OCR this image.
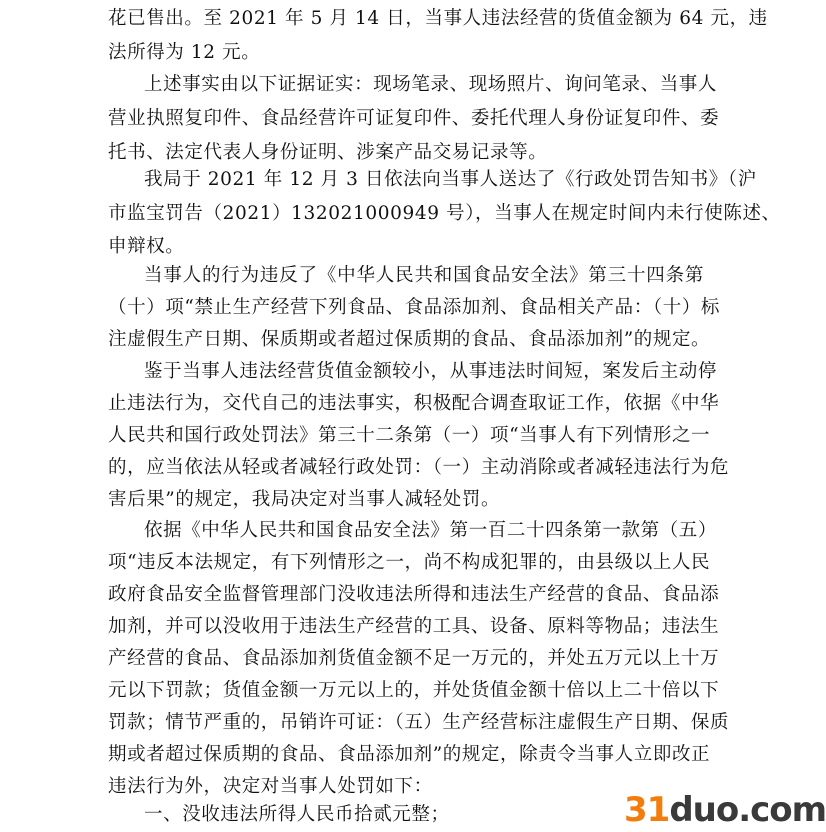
花已售出。至 2021 年 5 月 14 日，当事人违法经营的货值金额为 64 元，违
法所得为 12 元。
上述事实由以下证据证实：现场笔录、现场照片、询问笔录、当事人
营业执照复印件、食品经营许可证复印件、委托代理人身份证复印件、委
托书、法定代表人身份证明、涉案产品交易记录等。
我局于 2021 年 12 月 3 日依法向当事人送达了《行政处罚告知书》（沪
市监宝罚告（2021）132021000949 号），当事人在规定时间内未行使陈述、
申辩权。
当事人的行为违反了《中华人民共和国食品安全法》第三十四条第
（十）项“禁止生产经营下列食品、食品添加剂、食品相关产品：（十）标
注虚假生产日期、保质期或者超过保质期的食品、食品添加剂”的规定。
鉴于当事人违法经营货值金额较小，从事违法时间短，案发后主动停
止违法行为，交代自己的违法事实，积极配合调查取证工作，依据《中华
人民共和国行政处罚法》第三十二条第（一）项“当事人有下列情形之一
的，应当依法从轻或者减轻行政处罚：（一）主动消除或者减轻违法行为危
害后果”的规定，我局决定对当事人减轻处罚。
依据《中华人民共和国食品安全法》第一百二十四条第一款第（五）
项“违反本法规定，有下列情形之一，尚不构成犯罪的，由县级以上人民
政府食品安全监督管理部门没收违法所得和违法生产经营的食品、食品添
加剂，并可以没收用于违法生产经营的工具、设备、原料等物品；违法生
产经营的食品、食品添加剂货值金额不足一万元的，并处五万元以上十万
元以下罚款；货值金额一万元以上的，并处货值金额十倍以上二十倍以下
罚款；情节严重的，吊销许可证：（五）生产经营标注虚假生产日期、保质
期或者超过保质期的食品、食品添加剂”的规定，除责令当事人立即改正
违法行为外，决定对当事人处罚如下：
一、没收违法所得人民币拾贰元整；	31duo.com
